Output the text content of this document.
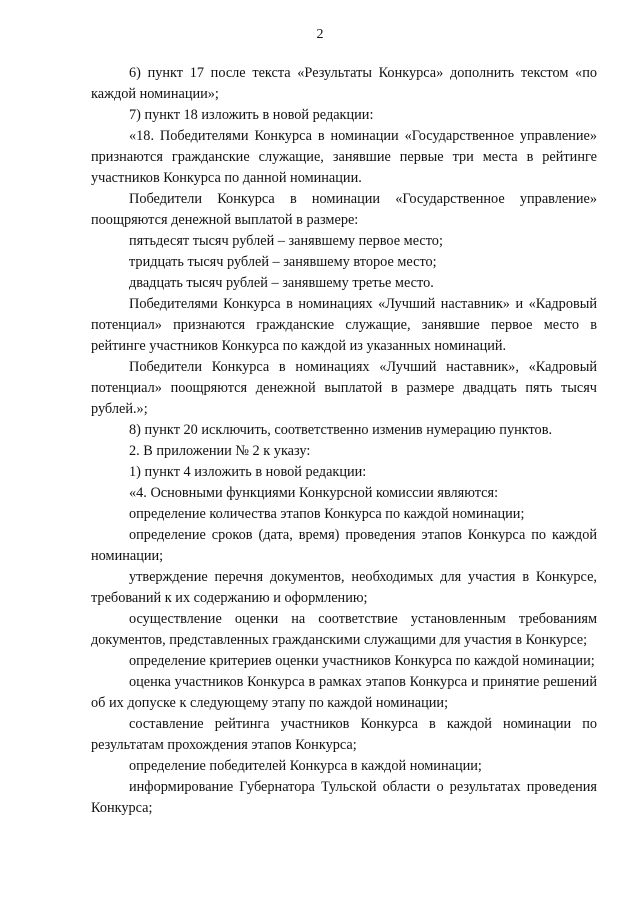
2

6) пункт 17 после текста «Результаты Конкурса» дополнить текстом «по каждой номинации»;

7) пункт 18 изложить в новой редакции:

«18. Победителями Конкурса в номинации «Государственное управление» признаются гражданские служащие, занявшие первые три места в рейтинге участников Конкурса по данной номинации.

Победители Конкурса в номинации «Государственное управление» поощряются денежной выплатой в размере:

пятьдесят тысяч рублей – занявшему первое место;

тридцать тысяч рублей – занявшему второе место;

двадцать тысяч рублей – занявшему третье место.

Победителями Конкурса в номинациях «Лучший наставник» и «Кадровый потенциал» признаются гражданские служащие, занявшие первое место в рейтинге участников Конкурса по каждой из указанных номинаций.

Победители Конкурса в номинациях «Лучший наставник», «Кадровый потенциал» поощряются денежной выплатой в размере двадцать пять тысяч рублей.»;

8) пункт 20 исключить, соответственно изменив нумерацию пунктов.

2. В приложении № 2 к указу:

1) пункт 4 изложить в новой редакции:

«4. Основными функциями Конкурсной комиссии являются:

определение количества этапов Конкурса по каждой номинации;

определение сроков (дата, время) проведения этапов Конкурса по каждой номинации;

утверждение перечня документов, необходимых для участия в Конкурсе, требований к их содержанию и оформлению;

осуществление оценки на соответствие установленным требованиям документов, представленных гражданскими служащими для участия в Конкурсе;

определение критериев оценки участников Конкурса по каждой номинации;

оценка участников Конкурса в рамках этапов Конкурса и принятие решений об их допуске к следующему этапу по каждой номинации;

составление рейтинга участников Конкурса в каждой номинации по результатам прохождения этапов Конкурса;

определение победителей Конкурса в каждой номинации;

информирование Губернатора Тульской области о результатах проведения Конкурса;
